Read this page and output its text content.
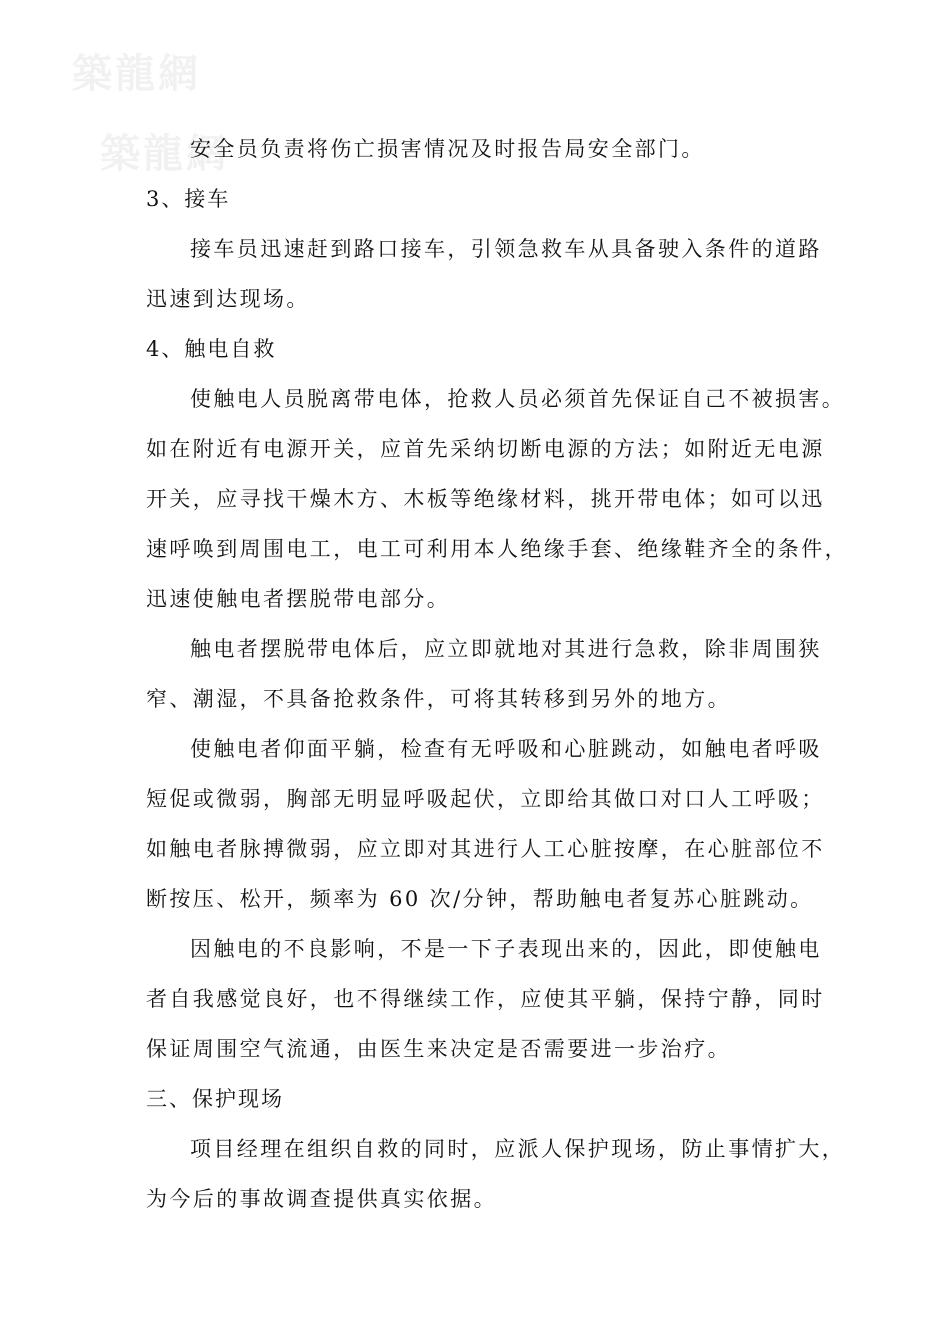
築龍網
築龍網
安全员负责将伤亡损害情况及时报告局安全部门。
3、接车
接车员迅速赶到路口接车，引领急救车从具备驶入条件的道路
迅速到达现场。
4、触电自救
使触电人员脱离带电体，抢救人员必须首先保证自己不被损害。
如在附近有电源开关，应首先采纳切断电源的方法；如附近无电源
开关，应寻找干燥木方、木板等绝缘材料，挑开带电体；如可以迅
速呼唤到周围电工，电工可利用本人绝缘手套、绝缘鞋齐全的条件，
迅速使触电者摆脱带电部分。
触电者摆脱带电体后，应立即就地对其进行急救，除非周围狭
窄、潮湿，不具备抢救条件，可将其转移到另外的地方。
使触电者仰面平躺，检查有无呼吸和心脏跳动，如触电者呼吸
短促或微弱，胸部无明显呼吸起伏，立即给其做口对口人工呼吸；
如触电者脉搏微弱，应立即对其进行人工心脏按摩，在心脏部位不
断按压、松开，频率为 60 次/分钟，帮助触电者复苏心脏跳动。
因触电的不良影响，不是一下子表现出来的，因此，即使触电
者自我感觉良好，也不得继续工作，应使其平躺，保持宁静，同时
保证周围空气流通，由医生来决定是否需要进一步治疗。
三、保护现场
项目经理在组织自救的同时，应派人保护现场，防止事情扩大，
为今后的事故调查提供真实依据。
